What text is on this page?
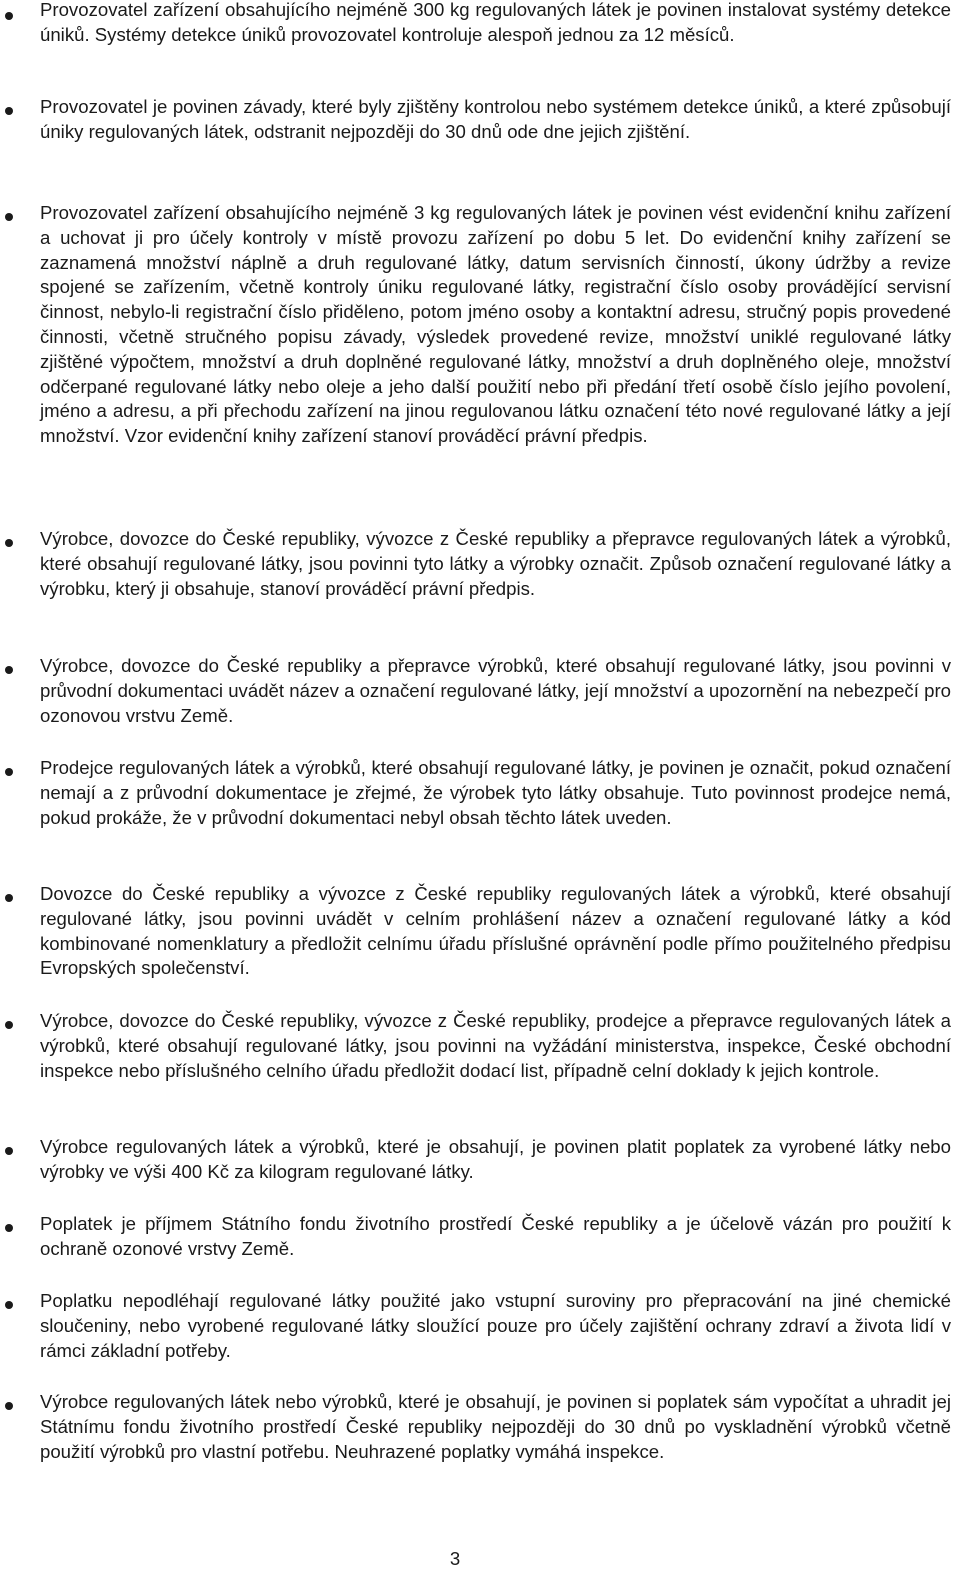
Provozovatel zařízení obsahujícího nejméně 300 kg regulovaných látek je povinen instalovat systémy detekce úniků. Systémy detekce úniků provozovatel kontroluje alespoň jednou za 12 měsíců.

Provozovatel je povinen závady, které byly zjištěny kontrolou nebo systémem detekce úniků, a které způsobují úniky regulovaných látek, odstranit nejpozději do 30 dnů ode dne jejich zjištění.

Provozovatel zařízení obsahujícího nejméně 3 kg regulovaných látek je povinen vést evidenční knihu zařízení a uchovat ji pro účely kontroly v místě provozu zařízení po dobu 5 let. Do evidenční knihy zařízení se zaznamená množství náplně a druh regulované látky, datum servisních činností, úkony údržby a revize spojené se zařízením, včetně kontroly úniku regulované látky, registrační číslo osoby provádějící servisní činnost, nebylo-li registrační číslo přiděleno, potom jméno osoby a kontaktní adresu, stručný popis provedené činnosti, včetně stručného popisu závady, výsledek provedené revize, množství uniklé regulované látky zjištěné výpočtem, množství a druh doplněné regulované látky, množství a druh doplněného oleje, množství odčerpané regulované látky nebo oleje a jeho další použití nebo při předání třetí osobě číslo jejího povolení, jméno a adresu, a při přechodu zařízení na jinou regulovanou látku označení této nové regulované látky a její množství. Vzor evidenční knihy zařízení stanoví prováděcí právní předpis.

Výrobce, dovozce do České republiky, vývozce z České republiky a přepravce regulovaných látek a výrobků, které obsahují regulované látky, jsou povinni tyto látky a výrobky označit. Způsob označení regulované látky a výrobku, který ji obsahuje, stanoví prováděcí právní předpis.

Výrobce, dovozce do České republiky a přepravce výrobků, které obsahují regulované látky, jsou povinni v průvodní dokumentaci uvádět název a označení regulované látky, její množství a upozornění na nebezpečí pro ozonovou vrstvu Země.

Prodejce regulovaných látek a výrobků, které obsahují regulované látky, je povinen je označit, pokud označení nemají a z průvodní dokumentace je zřejmé, že výrobek tyto látky obsahuje. Tuto povinnost prodejce nemá, pokud prokáže, že v průvodní dokumentaci nebyl obsah těchto látek uveden.

Dovozce do České republiky a vývozce z České republiky regulovaných látek a výrobků, které obsahují regulované látky, jsou povinni uvádět v celním prohlášení název a označení regulované látky a kód kombinované nomenklatury a předložit celnímu úřadu příslušné oprávnění podle přímo použitelného předpisu Evropských společenství.

Výrobce, dovozce do České republiky, vývozce z České republiky, prodejce a přepravce regulovaných látek a výrobků, které obsahují regulované látky, jsou povinni na vyžádání ministerstva, inspekce, České obchodní inspekce nebo příslušného celního úřadu předložit dodací list, případně celní doklady k jejich kontrole.

Výrobce regulovaných látek a výrobků, které je obsahují, je povinen platit poplatek za vyrobené látky nebo výrobky ve výši 400 Kč za kilogram regulované látky.

Poplatek je příjmem Státního fondu životního prostředí České republiky a je účelově vázán pro použití k ochraně ozonové vrstvy Země.

Poplatku nepodléhají regulované látky použité jako vstupní suroviny pro přepracování na jiné chemické sloučeniny, nebo vyrobené regulované látky sloužící pouze pro účely zajištění ochrany zdraví a života lidí v rámci základní potřeby.

Výrobce regulovaných látek nebo výrobků, které je obsahují, je povinen si poplatek sám vypočítat a uhradit jej Státnímu fondu životního prostředí České republiky nejpozději do 30 dnů po vyskladnění výrobků včetně použití výrobků pro vlastní potřebu. Neuhrazené poplatky vymáhá inspekce.

3
